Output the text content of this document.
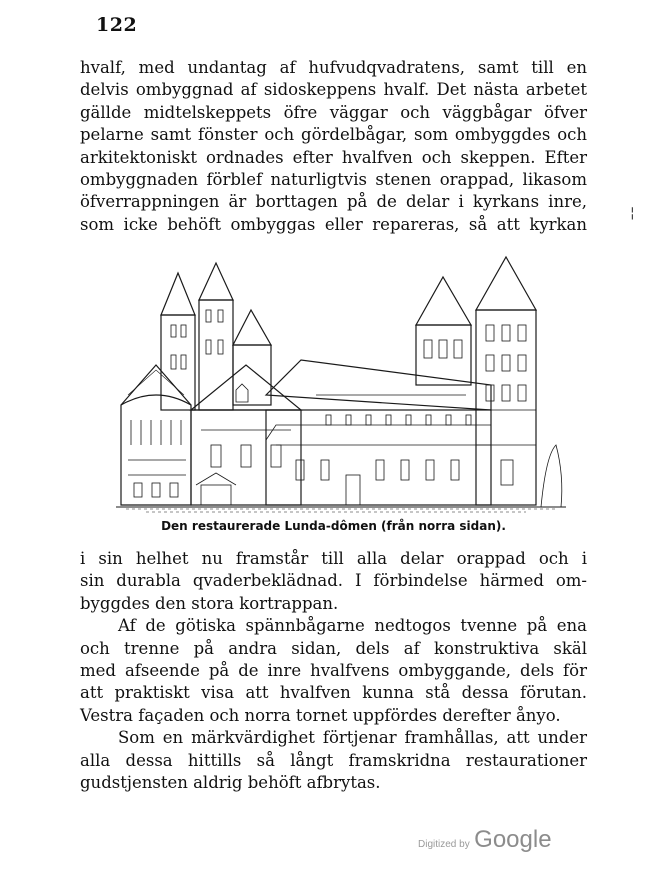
122
hvalf, med undantag af hufvudqvadratens, samt till en
delvis ombyggnad af sidoskeppens hvalf. Det nästa arbetet
gällde midtelskeppets öfre väggar och väggbågar öfver
pelarne samt fönster och gördelbågar, som ombyggdes och
arkitektoniskt ordnades efter hvalfven och skeppen. Efter
ombyggnaden förblef naturligtvis stenen orappad, likasom
öfverrappningen är borttagen på de delar i kyrkans inre,
som icke behöft ombyggas eller repareras, så att kyrkan
¦
Den restaurerade Lunda-dômen (från norra sidan).
i sin helhet nu framstår till alla delar orappad och i
sin durabla qvaderbeklädnad. I förbindelse härmed om-
byggdes den stora kortrappan.
Af de götiska spännbågarne nedtogos tvenne på ena
och trenne på andra sidan, dels af konstruktiva skäl
med afseende på de inre hvalfvens ombyggande, dels för
att praktiskt visa att hvalfven kunna stå dessa förutan.
Vestra façaden och norra tornet uppfördes derefter ånyo.
Som en märkvärdighet förtjenar framhållas, att under
alla dessa hittills så långt framskridna restaurationer
gudstjensten aldrig behöft afbrytas.
Digitized by Google
